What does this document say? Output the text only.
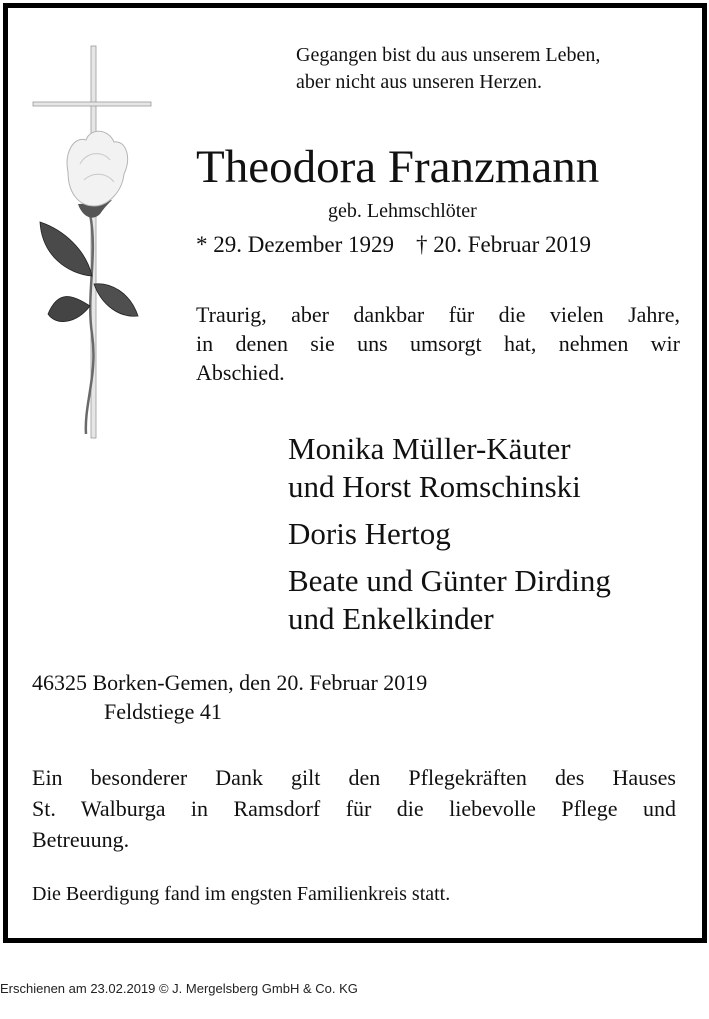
Gegangen bist du aus unserem Leben,
aber nicht aus unseren Herzen.
Theodora Franzmann
geb. Lehmschlöter
* 29. Dezember 1929 † 20. Februar 2019
Traurig, aber dankbar für die vielen Jahre,
in denen sie uns umsorgt hat, nehmen wir
Abschied.
Monika Müller-Käuter
und Horst Romschinski
Doris Hertog
Beate und Günter Dirding
und Enkelkinder
46325 Borken-Gemen, den 20. Februar 2019
Feldstiege 41
Ein besonderer Dank gilt den Pflegekräften des Hauses
St. Walburga in Ramsdorf für die liebevolle Pflege und
Betreuung.
Die Beerdigung fand im engsten Familienkreis statt.
Erschienen am 23.02.2019 © J. Mergelsberg GmbH & Co. KG
